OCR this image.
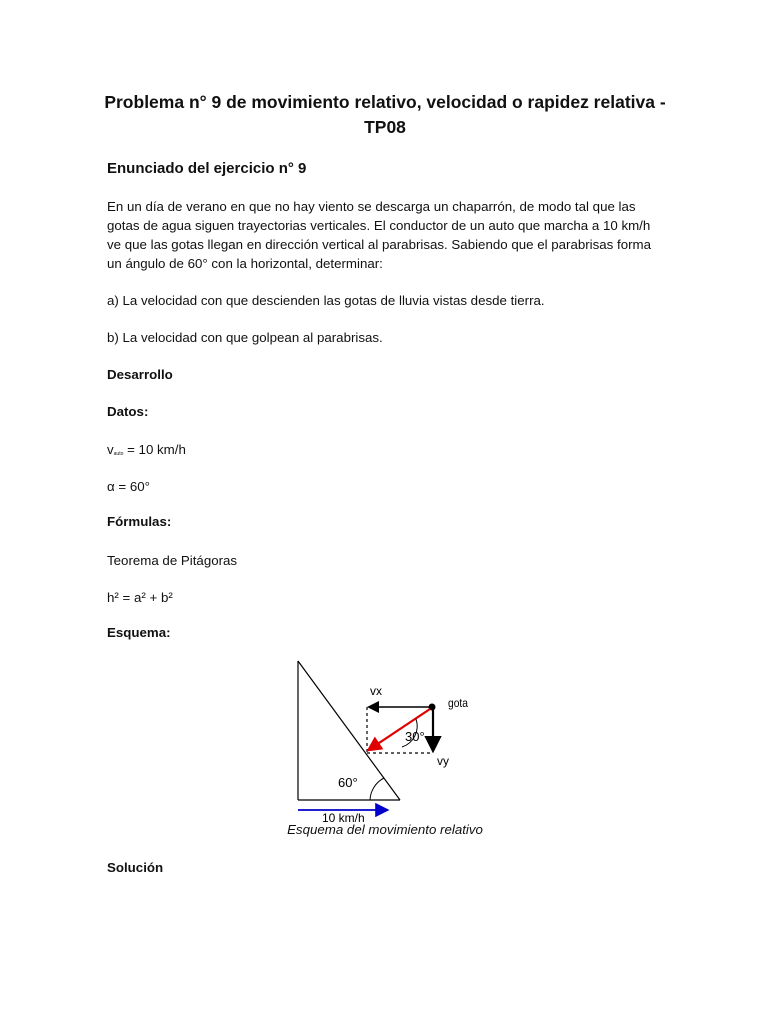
Problema n° 9 de movimiento relativo, velocidad o rapidez relativa - TP08
Enunciado del ejercicio n° 9
En un día de verano en que no hay viento se descarga un chaparrón, de modo tal que las gotas de agua siguen trayectorias verticales. El conductor de un auto que marcha a 10 km/h ve que las gotas llegan en dirección vertical al parabrisas. Sabiendo que el parabrisas forma un ángulo de 60° con la horizontal, determinar:
a) La velocidad con que descienden las gotas de lluvia vistas desde tierra.
b) La velocidad con que golpean al parabrisas.
Desarrollo
Datos:
$v_{auto} = 10$ km/h
α = 60°
Fórmulas:
Teorema de Pitágoras
h² = a² + b²
Esquema:
60°
vx
vy
gota
30°
10 km/h
Esquema del movimiento relativo
Solución
